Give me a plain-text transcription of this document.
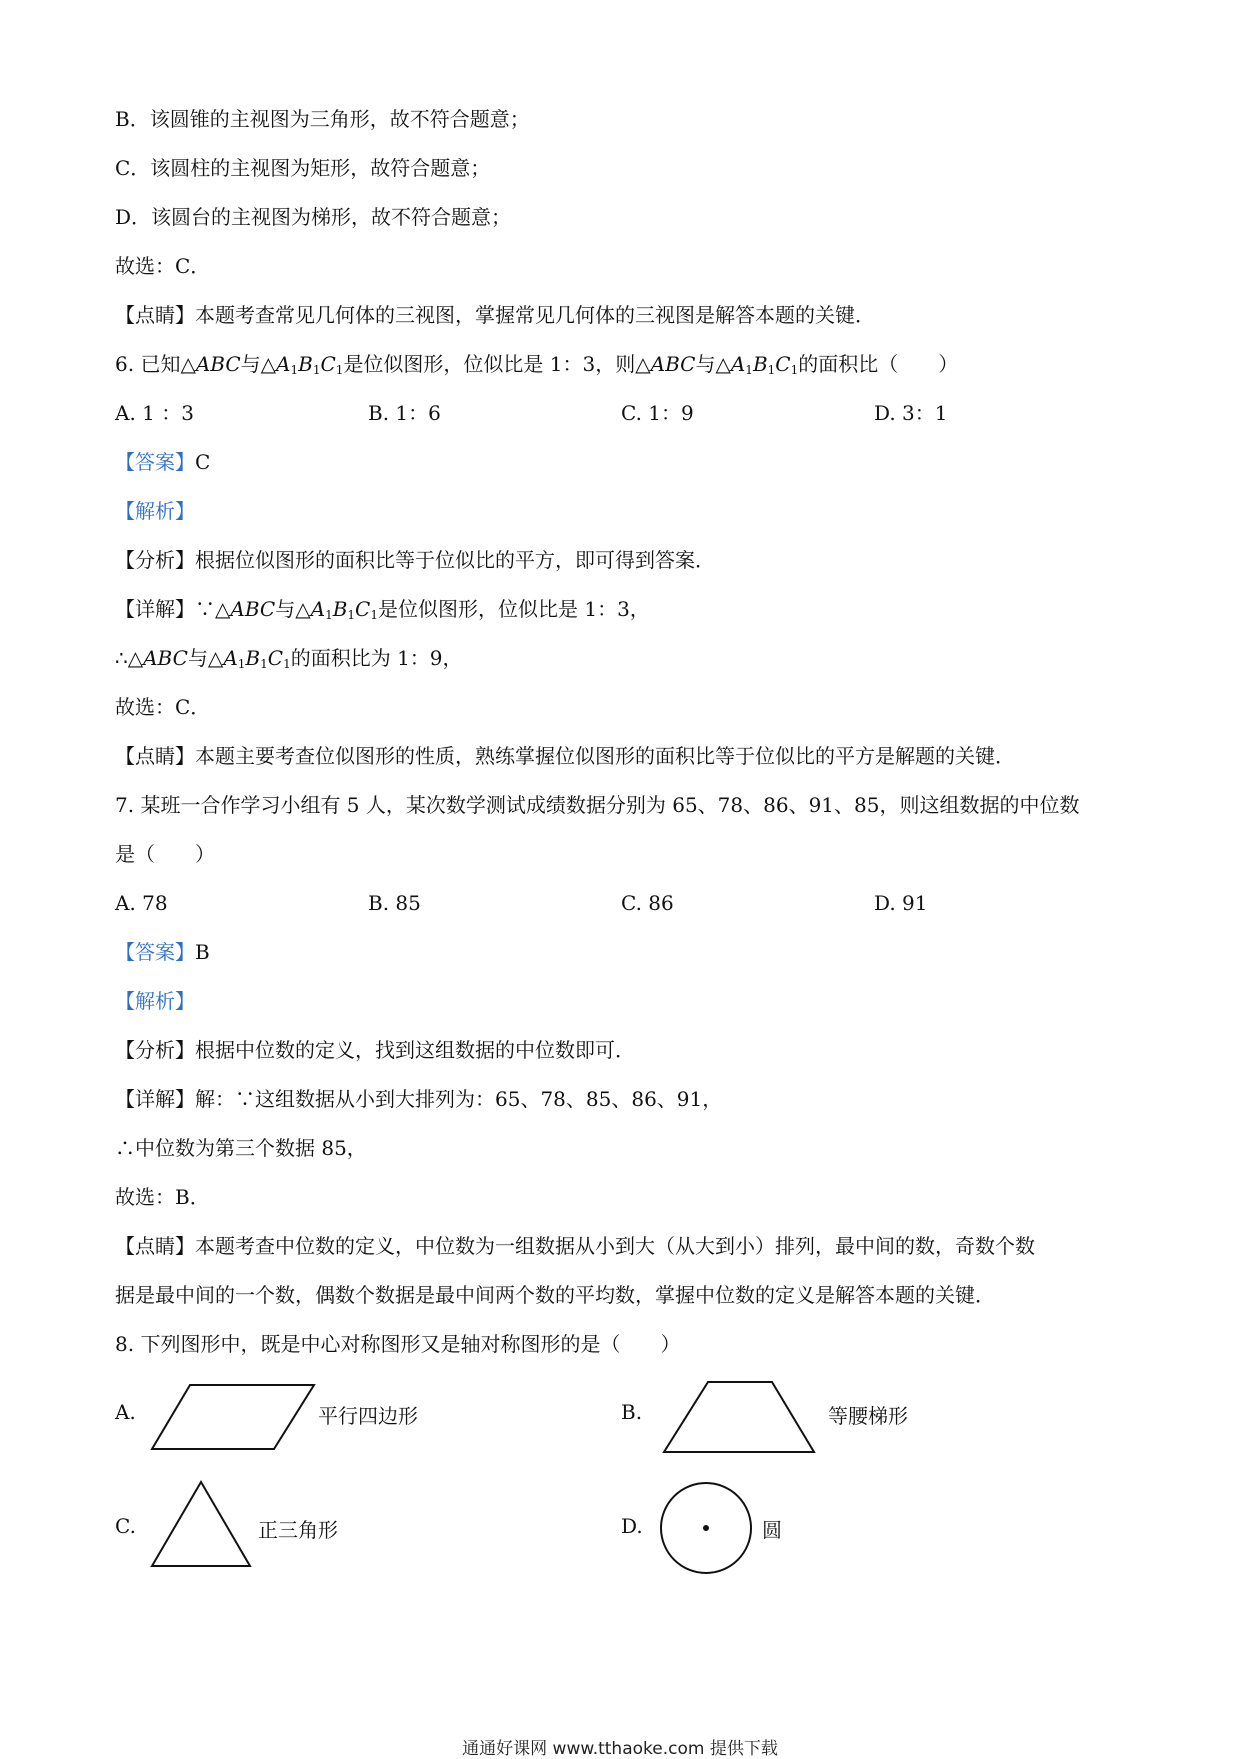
B．该圆锥的主视图为三角形，故不符合题意；
C．该圆柱的主视图为矩形，故符合题意；
D．该圆台的主视图为梯形，故不符合题意；
故选：C．
【点睛】本题考查常见几何体的三视图，掌握常见几何体的三视图是解答本题的关键．
6. 已知△ABC与$\triangle A_1B_1C_1$是位似图形，位似比是 1：3，则△ABC与$\triangle A_1B_1C_1$的面积比（　　）
A. 1 ：3	B. 1：6	C. 1：9	D. 3：1
【答案】C
【解析】
【分析】根据位似图形的面积比等于位似比的平方，即可得到答案．
【详解】∵△ABC与$\triangle A_1B_1C_1$是位似图形，位似比是 1：3，
∴△ABC与$\triangle A_1B_1C_1$的面积比为 1：9，
故选：C．
【点睛】本题主要考查位似图形的性质，熟练掌握位似图形的面积比等于位似比的平方是解题的关键．
7. 某班一合作学习小组有 5 人，某次数学测试成绩数据分别为 65、78、86、91、85，则这组数据的中位数
是（　　）
A. 78	B. 85	C. 86	D. 91
【答案】B
【解析】
【分析】根据中位数的定义，找到这组数据的中位数即可．
【详解】解：∵这组数据从小到大排列为：65、78、85、86、91，
∴中位数为第三个数据 85，
故选：B．
【点睛】本题考查中位数的定义，中位数为一组数据从小到大（从大到小）排列，最中间的数，奇数个数
据是最中间的一个数，偶数个数据是最中间两个数的平均数，掌握中位数的定义是解答本题的关键．
8. 下列图形中，既是中心对称图形又是轴对称图形的是（　　）
A.	平行四边形	B.	等腰梯形
C.	正三角形	D.	圆
通通好课网 www.tthaoke.com 提供下载
